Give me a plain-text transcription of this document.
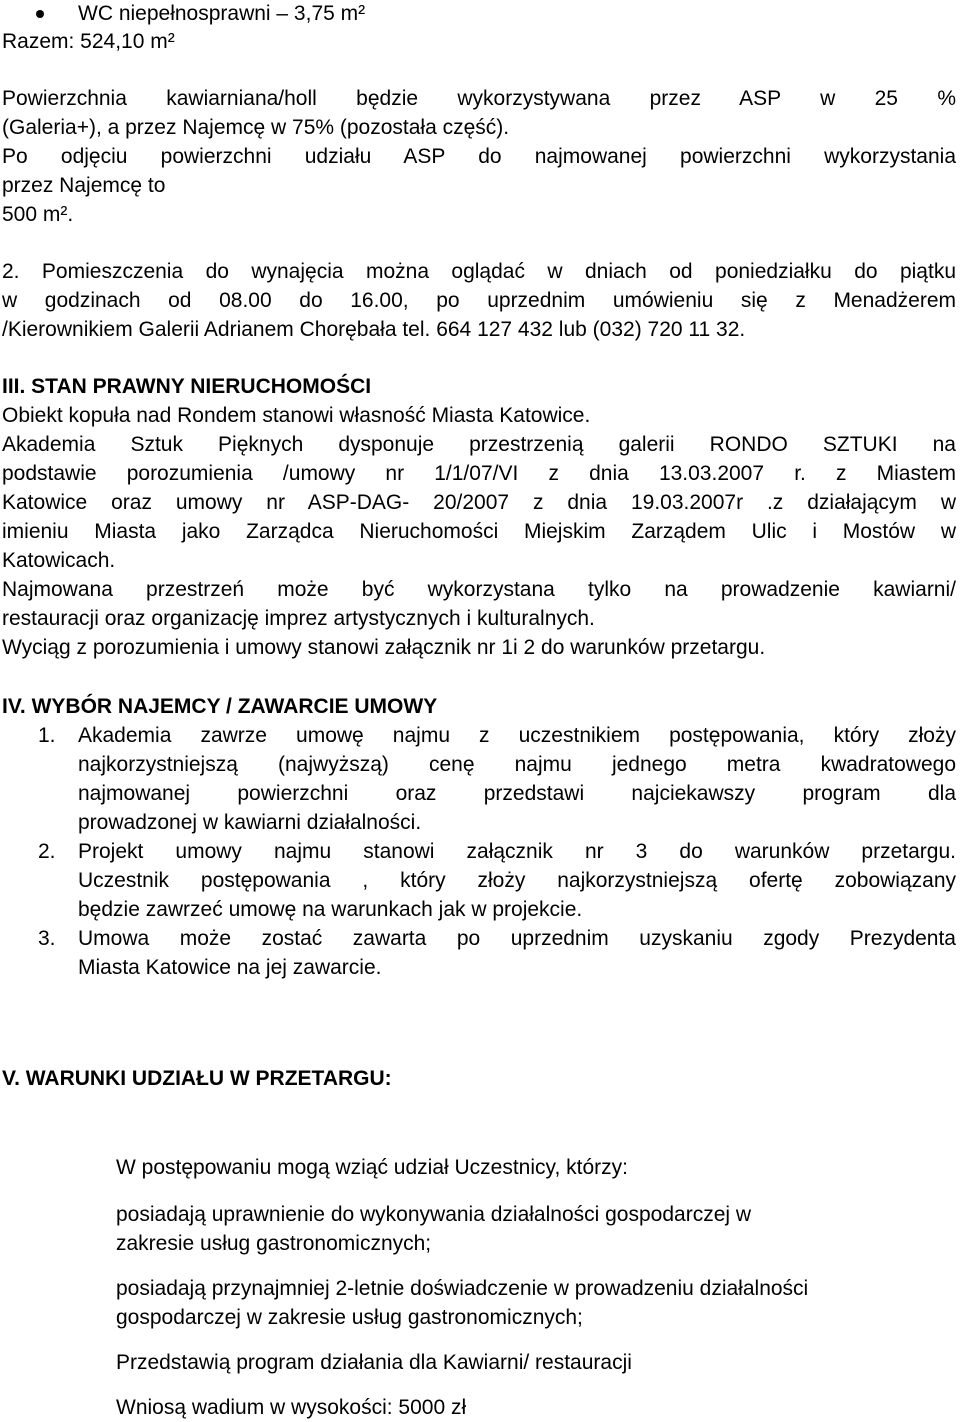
WC niepełnosprawni – 3,75 m²

Razem: 524,10 m²

Powierzchnia kawiarniana/holl będzie wykorzystywana przez ASP w 25 %

(Galeria+), a przez Najemcę w 75% (pozostała część).

Po odjęciu powierzchni udziału ASP do najmowanej powierzchni wykorzystania

przez Najemcę to

500 m².

2. Pomieszczenia do wynajęcia można oglądać w dniach od poniedziałku do piątku

w godzinach od 08.00 do 16.00, po uprzednim umówieniu się z Menadżerem

/Kierownikiem Galerii Adrianem Chorębała tel. 664 127 432 lub (032) 720 11 32.

III. STAN PRAWNY NIERUCHOMOŚCI

Obiekt kopuła nad Rondem stanowi własność Miasta Katowice.

Akademia Sztuk Pięknych dysponuje przestrzenią galerii RONDO SZTUKI na

podstawie porozumienia /umowy nr 1/1/07/VI z dnia 13.03.2007 r. z Miastem

Katowice oraz umowy nr ASP-DAG- 20/2007 z dnia 19.03.2007r .z działającym w

imieniu Miasta jako Zarządca Nieruchomości Miejskim Zarządem Ulic i Mostów w

Katowicach.

Najmowana przestrzeń może być wykorzystana tylko na prowadzenie kawiarni/

restauracji oraz organizację imprez artystycznych i kulturalnych.

Wyciąg z porozumienia i umowy stanowi załącznik nr 1i 2 do warunków przetargu.

IV. WYBÓR NAJEMCY / ZAWARCIE UMOWY

1. Akademia zawrze umowę najmu z uczestnikiem postępowania, który złoży

najkorzystniejszą (najwyższą) cenę najmu jednego metra kwadratowego

najmowanej powierzchni oraz przedstawi najciekawszy program dla

prowadzonej w kawiarni działalności.

2. Projekt umowy najmu stanowi załącznik nr 3 do warunków przetargu.

Uczestnik postępowania , który złoży najkorzystniejszą ofertę zobowiązany

będzie zawrzeć umowę na warunkach jak w projekcie.

3. Umowa może zostać zawarta po uprzednim uzyskaniu zgody Prezydenta

Miasta Katowice na jej zawarcie.

V. WARUNKI UDZIAŁU W PRZETARGU:

W postępowaniu mogą wziąć udział Uczestnicy, którzy:

posiadają uprawnienie do wykonywania działalności gospodarczej w

zakresie usług gastronomicznych;

posiadają przynajmniej 2-letnie doświadczenie w prowadzeniu działalności

gospodarczej w zakresie usług gastronomicznych;

Przedstawią program działania dla Kawiarni/ restauracji

Wniosą wadium w wysokości: 5000 zł
